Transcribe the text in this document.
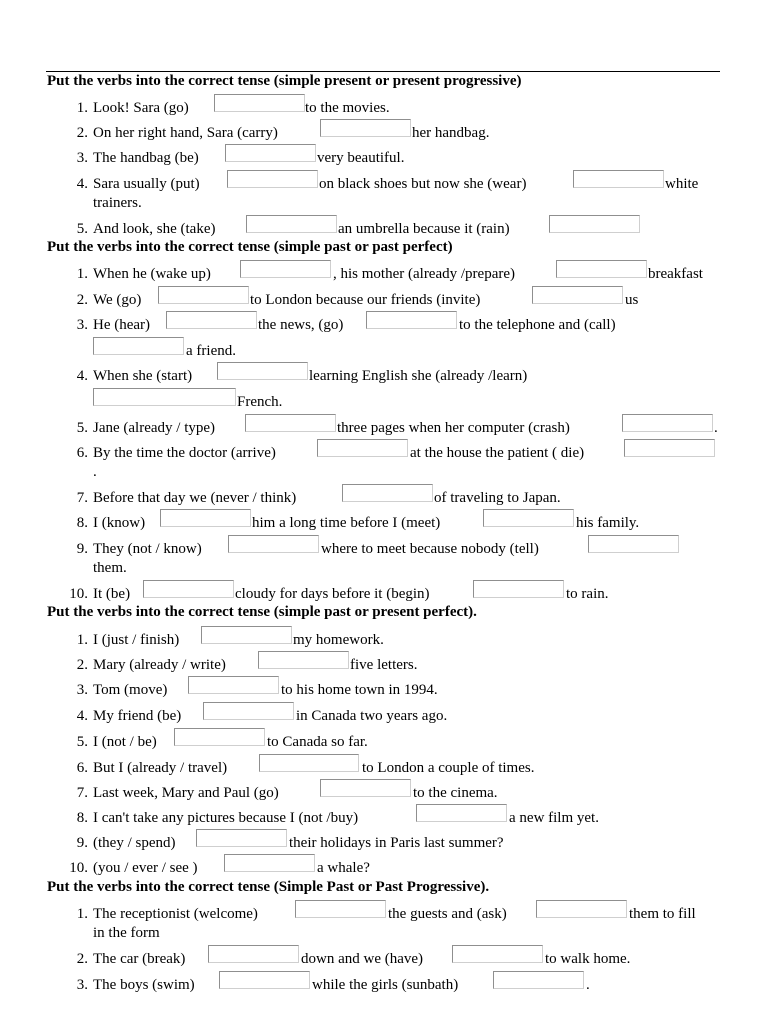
Put the verbs into the correct tense (simple present or present progressive)
1. Look! Sara (go)	to the movies.
2. On her right hand, Sara (carry)	her handbag.
3. The handbag (be)	very beautiful.
4. Sara usually (put)	on black shoes but now she (wear)	white
trainers.
5. And look, she (take)	an umbrella because it (rain)
Put the verbs into the correct tense (simple past or past perfect)
1. When he (wake up)	, his mother (already /prepare)	breakfast
2. We (go)	to London because our friends (invite)	us
3. He (hear)	the news, (go)	to the telephone and (call)
a friend.
4. When she (start)	learning English she (already /learn)
French.
5. Jane (already / type)	three pages when her computer (crash)	.
6. By the time the doctor (arrive)	at the house the patient ( die)
.
7. Before that day we (never / think)	of traveling to Japan.
8. I (know)	him a long time before I (meet)	his family.
9. They (not / know)	where to meet because nobody (tell)
them.
10. It (be)	cloudy for days before it (begin)	to rain.
Put the verbs into the correct tense (simple past or present perfect).
1. I (just / finish)	my homework.
2. Mary (already / write)	five letters.
3. Tom (move)	to his home town in 1994.
4. My friend (be)	in Canada two years ago.
5. I (not / be)	to Canada so far.
6. But I (already / travel)	to London a couple of times.
7. Last week, Mary and Paul (go)	to the cinema.
8. I can't take any pictures because I (not /buy)	a new film yet.
9. (they / spend)	their holidays in Paris last summer?
10. (you / ever / see )	a whale?
Put the verbs into the correct tense (Simple Past or Past Progressive).
1. The receptionist (welcome)	the guests and (ask)	them to fill
in the form
2. The car (break)	down and we (have)	to walk home.
3. The boys (swim)	while the girls (sunbath)	.
